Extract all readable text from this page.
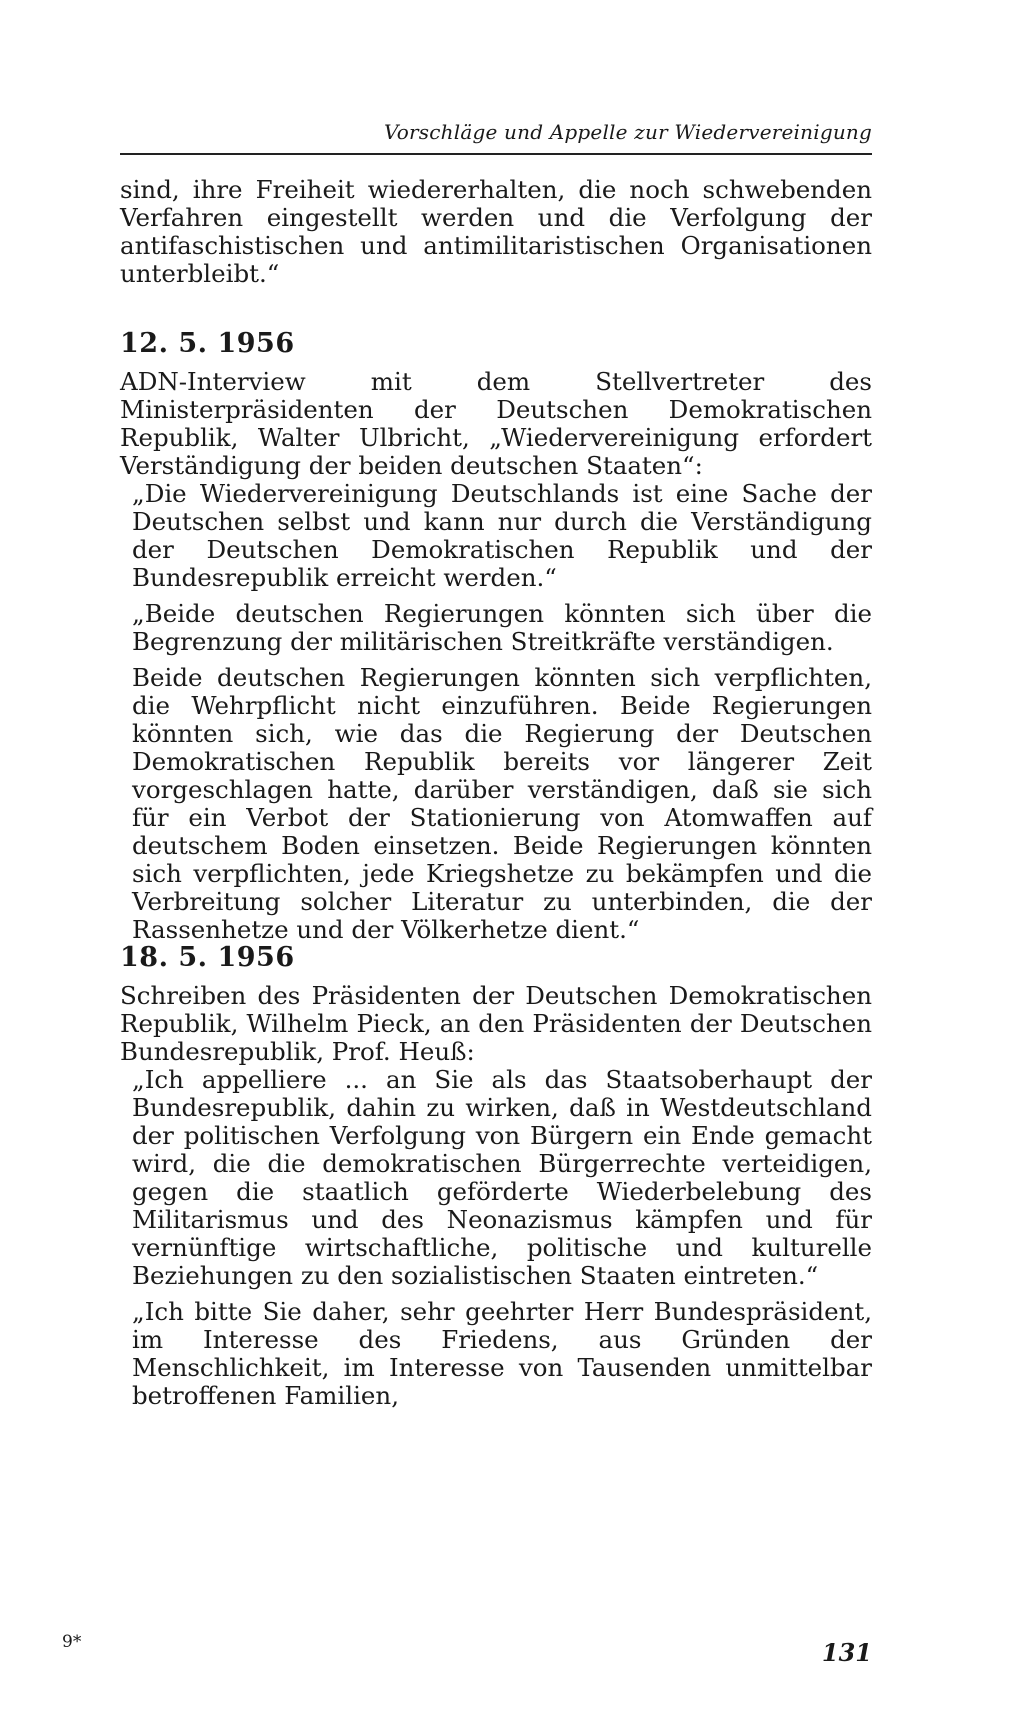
Vorschläge und Appelle zur Wiedervereinigung

sind, ihre Freiheit wiedererhalten, die noch schwebenden Verfahren eingestellt werden und die Verfolgung der antifaschistischen und antimilitaristischen Organisationen unterbleibt.“

12. 5. 1956

ADN-Interview mit dem Stellvertreter des Ministerpräsidenten der Deutschen Demokratischen Republik, Walter Ulbricht, „Wiedervereinigung erfordert Verständigung der beiden deutschen Staaten“:

„Die Wiedervereinigung Deutschlands ist eine Sache der Deutschen selbst und kann nur durch die Verständigung der Deutschen Demokratischen Republik und der Bundesrepublik erreicht werden.“

„Beide deutschen Regierungen könnten sich über die Begrenzung der militärischen Streitkräfte verständigen.

Beide deutschen Regierungen könnten sich verpflichten, die Wehrpflicht nicht einzuführen. Beide Regierungen könnten sich, wie das die Regierung der Deutschen Demokratischen Republik bereits vor längerer Zeit vorgeschlagen hatte, darüber verständigen, daß sie sich für ein Verbot der Stationierung von Atomwaffen auf deutschem Boden einsetzen. Beide Regierungen könnten sich verpflichten, jede Kriegshetze zu bekämpfen und die Verbreitung solcher Literatur zu unterbinden, die der Rassenhetze und der Völkerhetze dient.“

18. 5. 1956

Schreiben des Präsidenten der Deutschen Demokratischen Republik, Wilhelm Pieck, an den Präsidenten der Deutschen Bundesrepublik, Prof. Heuß:

„Ich appelliere ... an Sie als das Staatsoberhaupt der Bundesrepublik, dahin zu wirken, daß in Westdeutschland der politischen Verfolgung von Bürgern ein Ende gemacht wird, die die demokratischen Bürgerrechte verteidigen, gegen die staatlich geförderte Wiederbelebung des Militarismus und des Neonazismus kämpfen und für vernünftige wirtschaftliche, politische und kulturelle Beziehungen zu den sozialistischen Staaten eintreten.“

„Ich bitte Sie daher, sehr geehrter Herr Bundespräsident, im Interesse des Friedens, aus Gründen der Menschlichkeit, im Interesse von Tausenden unmittelbar betroffenen Familien,

9*	131
